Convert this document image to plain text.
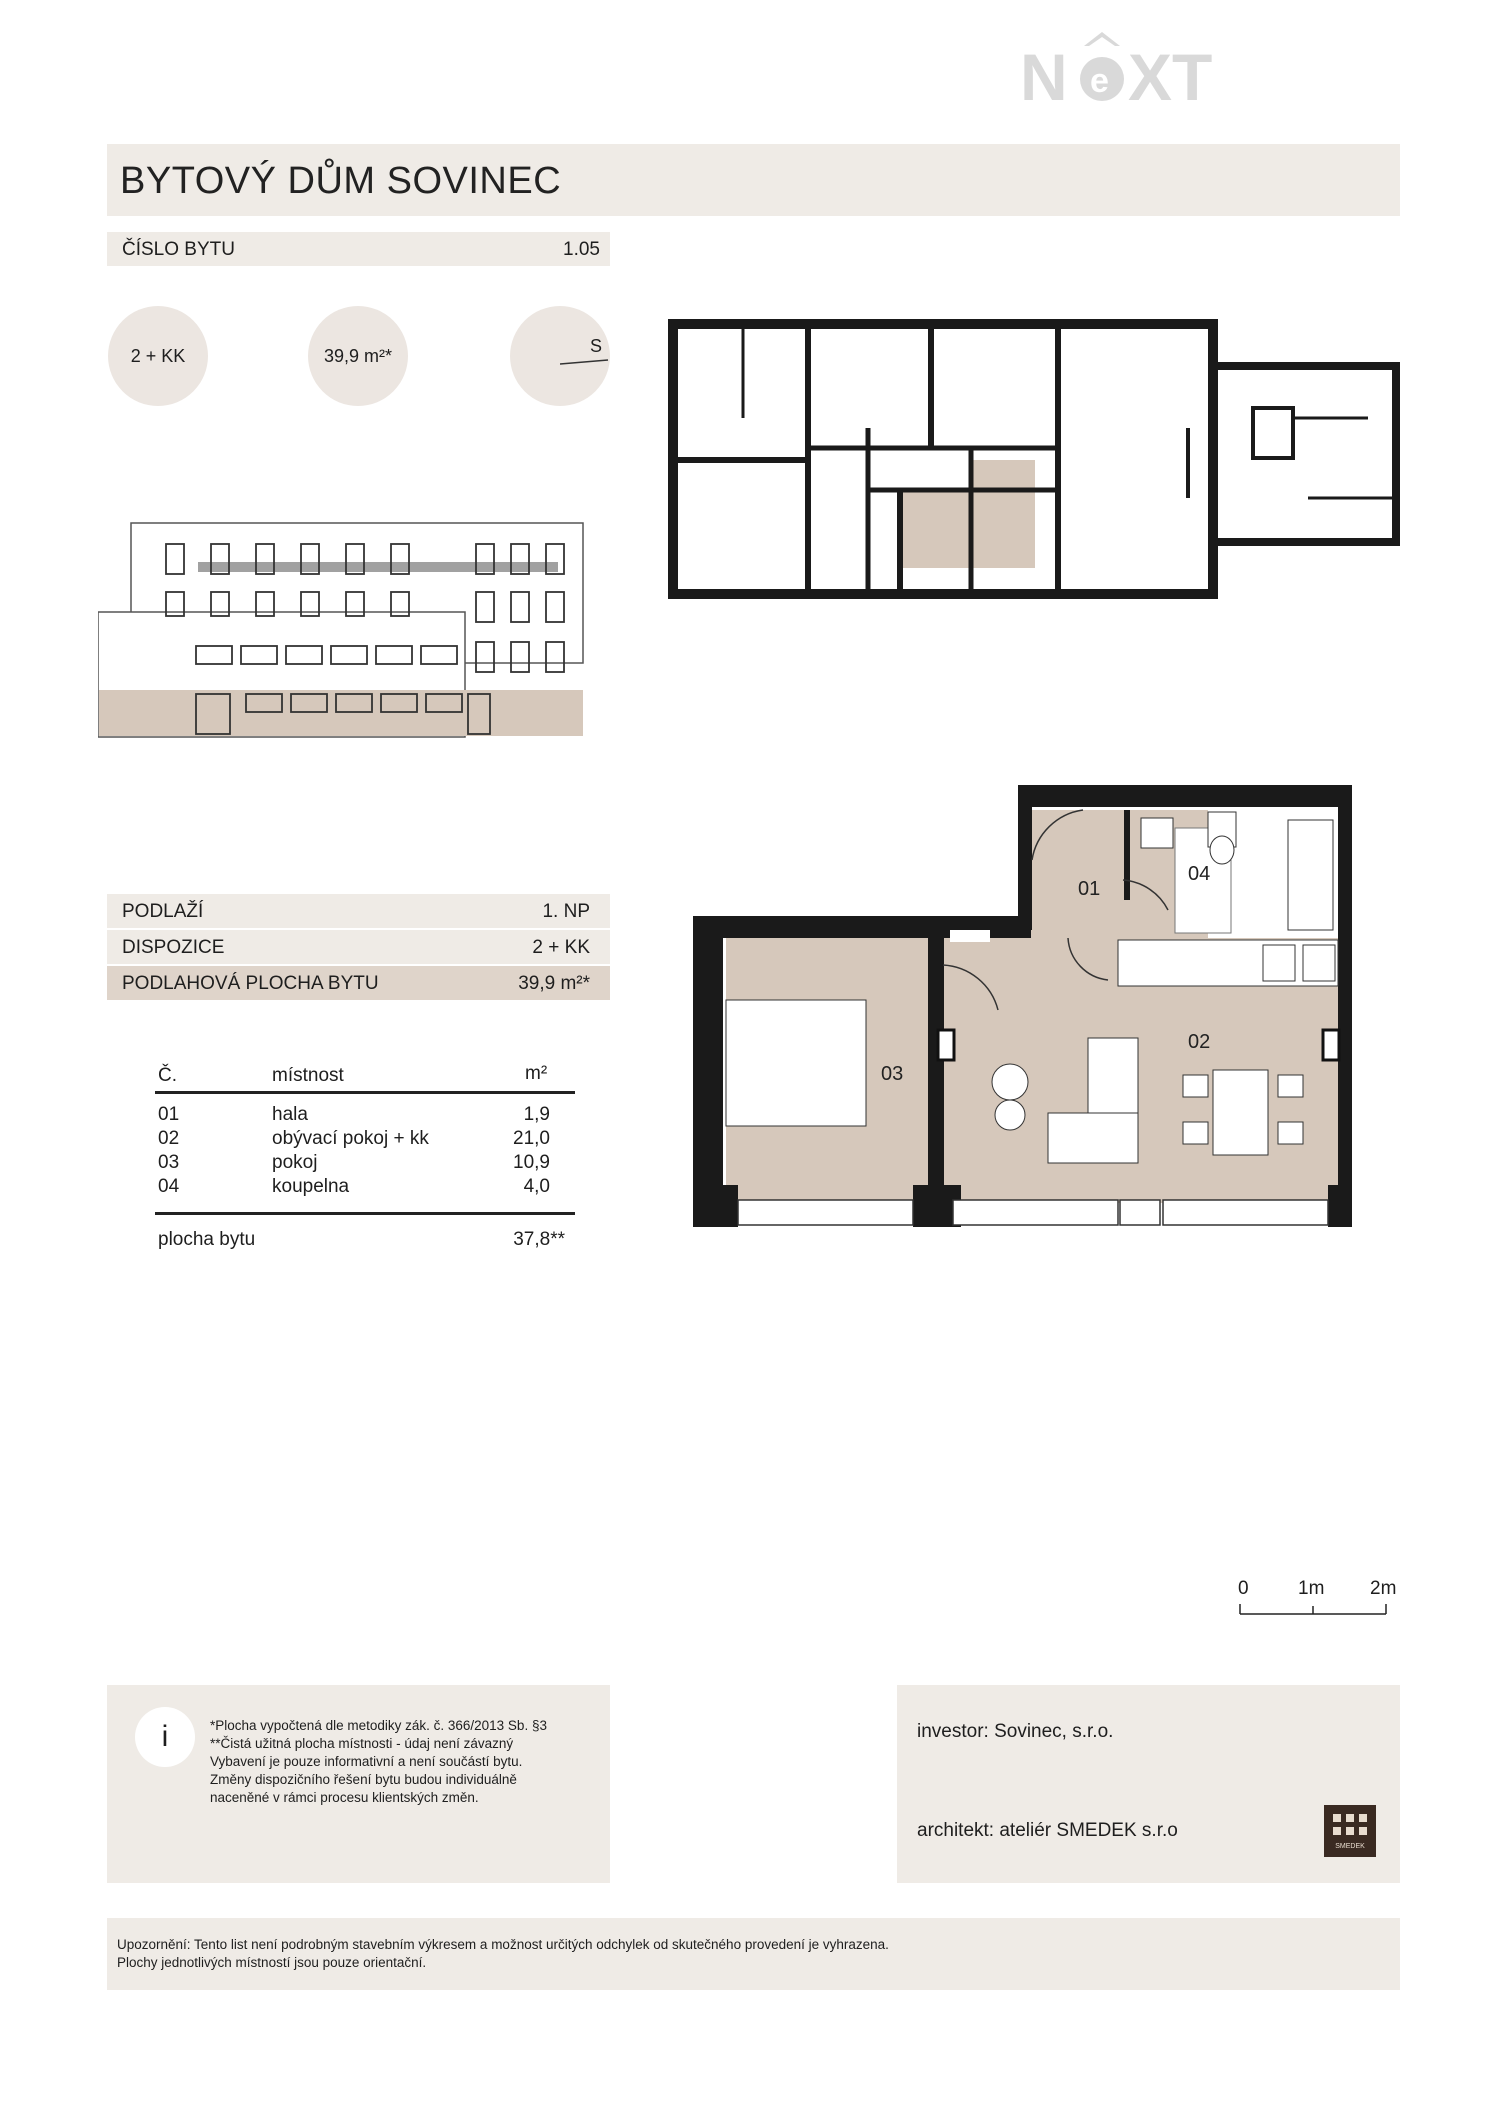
N e XT
BYTOVÝ DŮM SOVINEC
ČÍSLO BYTU	1.05
2 + KK	39,9 m²*	S
PODLAŽÍ	1. NP
DISPOZICE	2 + KK
PODLAHOVÁ PLOCHA BYTU	39,9 m²*
Č.	místnost	m²
01	hala	1,9
02	obývací pokoj + kk	21,0
03	pokoj	10,9
04	koupelna	4,0
plocha bytu	37,8**
01
04
03
02
0	1m 2m
i	*Plocha vypočtená dle metodiky zák. č. 366/2013 Sb. §3
**Čistá užitná plocha místnosti - údaj není závazný
Vybavení je pouze informativní a není součástí bytu.
Změny dispozičního řešení bytu budou individuálně
naceněné v rámci procesu klientských změn.
investor: Sovinec, s.r.o.
architekt: ateliér SMEDEK s.r.o
SMEDEK
Upozornění: Tento list není podrobným stavebním výkresem a možnost určitých odchylek od skutečného provedení je vyhrazena.
Plochy jednotlivých místností jsou pouze orientační.
